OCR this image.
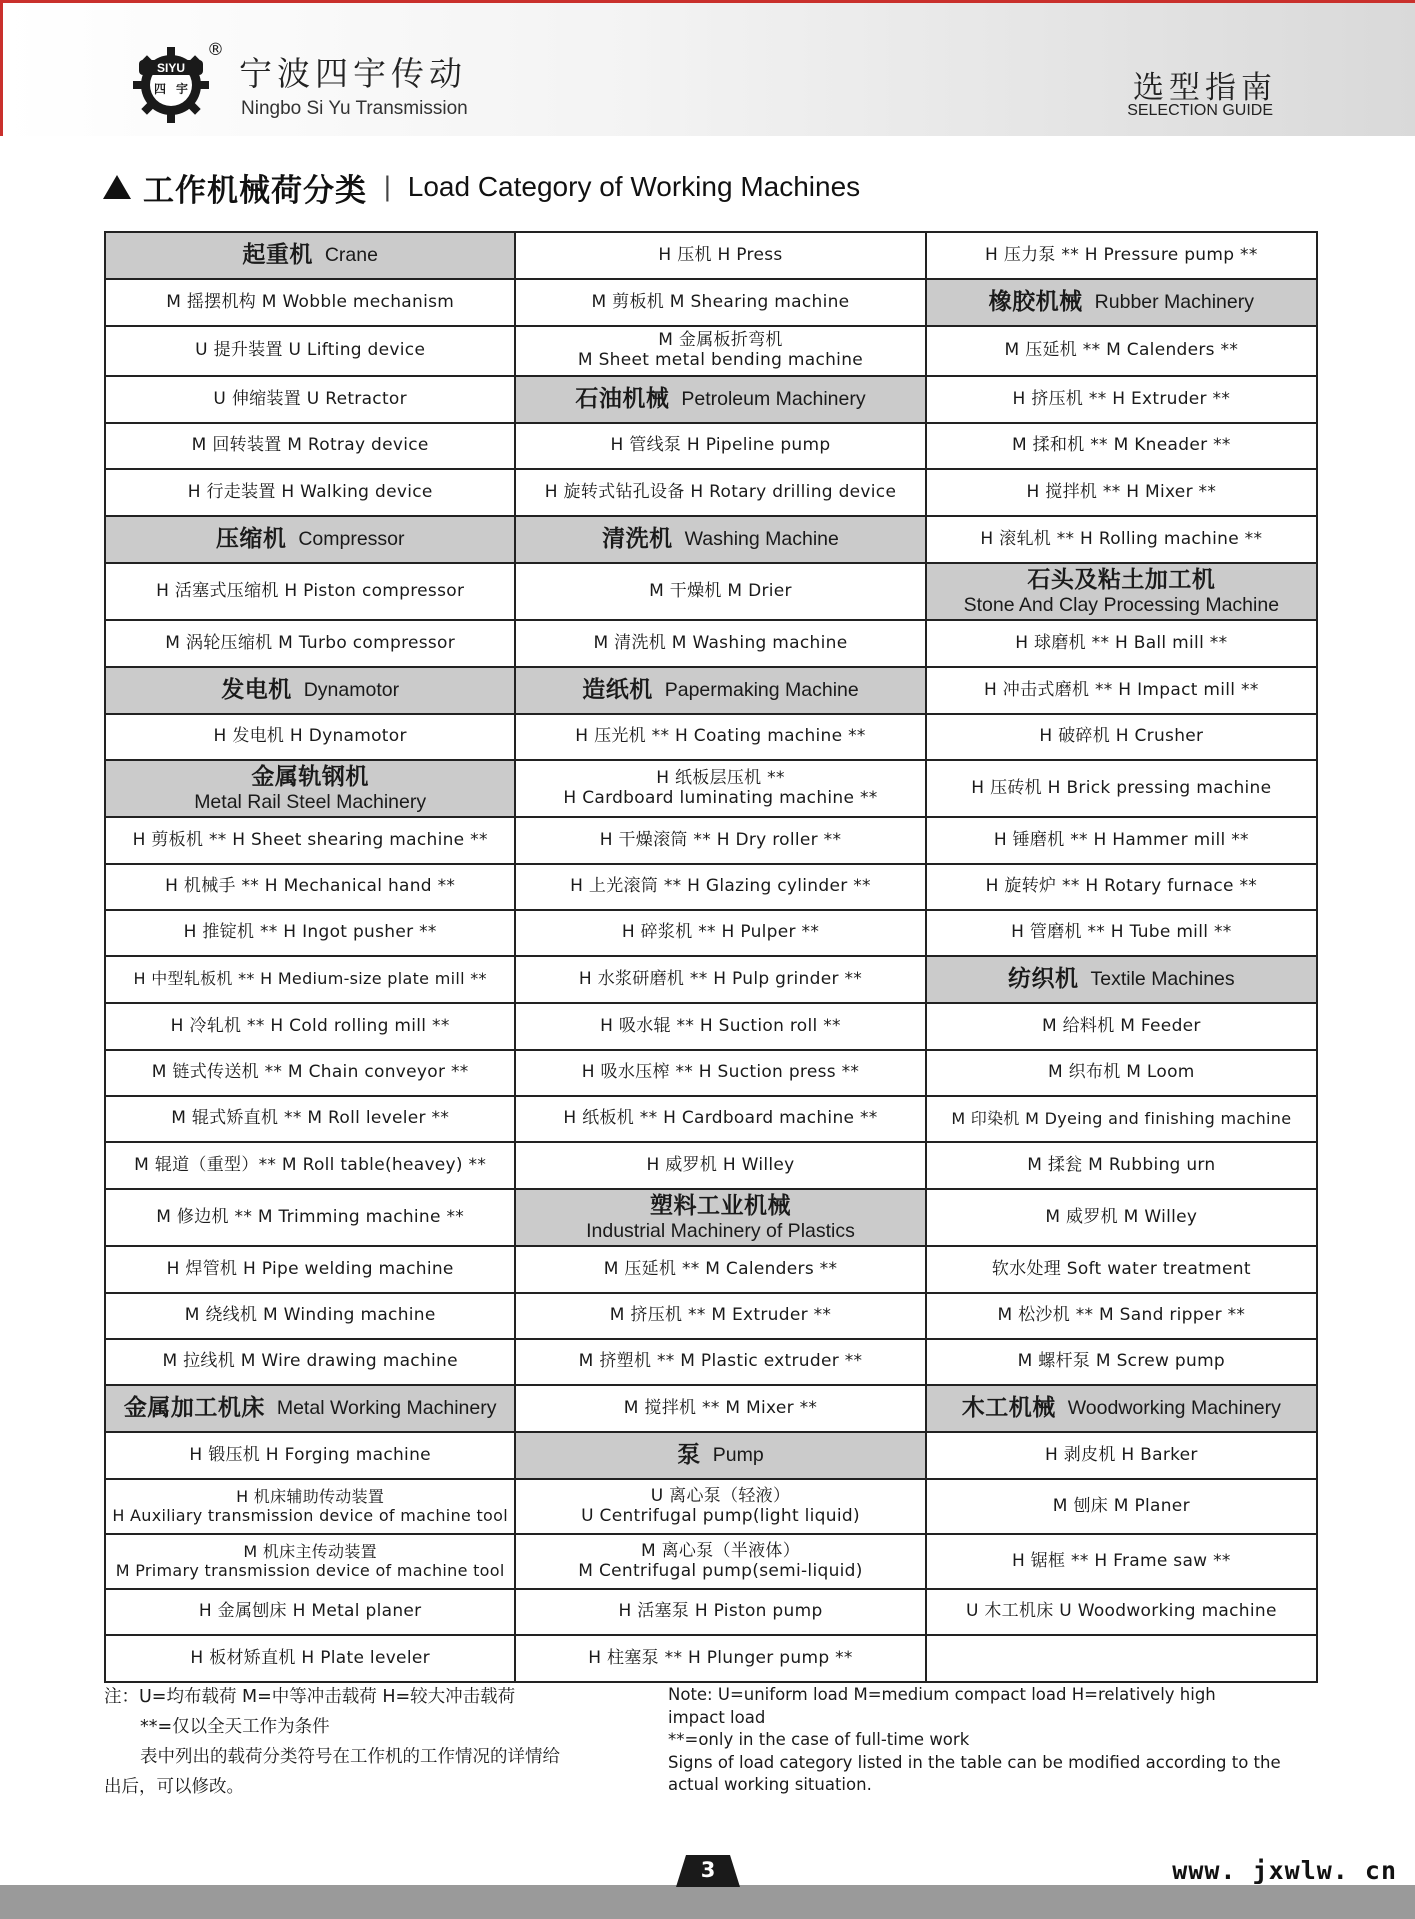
SIYU
四 宇
®
宁波四宇传动
Ningbo Si Yu Transmission
选型指南
SELECTION GUIDE
工作机械荷分类 | Load Category of Working Machines
起重机 Crane
M 摇摆机构 M Wobble mechanism
U 提升装置 U Lifting device
U 伸缩装置 U Retractor
M 回转装置 M Rotray device
H 行走装置 H Walking device
压缩机 Compressor
H 活塞式压缩机 H Piston compressor
M 涡轮压缩机 M Turbo compressor
发电机 Dynamotor
H 发电机 H Dynamotor
金属轨钢机
Metal Rail Steel Machinery
H 剪板机 ** H Sheet shearing machine **
H 机械手 ** H Mechanical hand **
H 推锭机 ** H Ingot pusher **
H 中型轧板机 ** H Medium-size plate mill **
H 冷轧机 ** H Cold rolling mill **
M 链式传送机 ** M Chain conveyor **
M 辊式矫直机 ** M Roll leveler **
M 辊道（重型）** M Roll table(heavey) **
M 修边机 ** M Trimming machine **
H 焊管机 H Pipe welding machine
M 绕线机 M Winding machine
M 拉线机 M Wire drawing machine
金属加工机床 Metal Working Machinery
H 锻压机 H Forging machine
H 机床辅助传动装置
H Auxiliary transmission device of machine tool
M 机床主传动装置
M Primary transmission device of machine tool
H 金属刨床 H Metal planer
H 板材矫直机 H Plate leveler
H 压机 H Press
M 剪板机 M Shearing machine
M 金属板折弯机
M Sheet metal bending machine
石油机械 Petroleum Machinery
H 管线泵 H Pipeline pump
H 旋转式钻孔设备 H Rotary drilling device
清洗机 Washing Machine
M 干燥机 M Drier
M 清洗机 M Washing machine
造纸机 Papermaking Machine
H 压光机 ** H Coating machine **
H 纸板层压机 **
H Cardboard luminating machine **
H 干燥滚筒 ** H Dry roller **
H 上光滚筒 ** H Glazing cylinder **
H 碎浆机 ** H Pulper **
H 水浆研磨机 ** H Pulp grinder **
H 吸水辊 ** H Suction roll **
H 吸水压榨 ** H Suction press **
H 纸板机 ** H Cardboard machine **
H 威罗机 H Willey
塑料工业机械
Industrial Machinery of Plastics
M 压延机 ** M Calenders **
M 挤压机 ** M Extruder **
M 挤塑机 ** M Plastic extruder **
M 搅拌机 ** M Mixer **
泵 Pump
U 离心泵（轻液）
U Centrifugal pump(light liquid)
M 离心泵（半液体）
M Centrifugal pump(semi-liquid)
H 活塞泵 H Piston pump
H 柱塞泵 ** H Plunger pump **
H 压力泵 ** H Pressure pump **
橡胶机械 Rubber Machinery
M 压延机 ** M Calenders **
H 挤压机 ** H Extruder **
M 揉和机 ** M Kneader **
H 搅拌机 ** H Mixer **
H 滚轧机 ** H Rolling machine **
石头及粘土加工机
Stone And Clay Processing Machine
H 球磨机 ** H Ball mill **
H 冲击式磨机 ** H Impact mill **
H 破碎机 H Crusher
H 压砖机 H Brick pressing machine
H 锤磨机 ** H Hammer mill **
H 旋转炉 ** H Rotary furnace **
H 管磨机 ** H Tube mill **
纺织机 Textile Machines
M 给料机 M Feeder
M 织布机 M Loom
M 印染机 M Dyeing and finishing machine
M 揉瓮 M Rubbing urn
M 威罗机 M Willey
软水处理 Soft water treatment
M 松沙机 ** M Sand ripper **
M 螺杆泵 M Screw pump
木工机械 Woodworking Machinery
H 剥皮机 H Barker
M 刨床 M Planer
H 锯框 ** H Frame saw **
U 木工机床 U Woodworking machine
注：U=均布载荷 M=中等冲击载荷 H=较大冲击载荷
**=仅以全天工作为条件
表中列出的载荷分类符号在工作机的工作情况的详情给
出后，可以修改。
Note: U=uniform load M=medium compact load H=relatively high
impact load
**=only in the case of full-time work
Signs of load category listed in the table can be modified according to the
actual working situation.
3	www. jxwlw. cn
